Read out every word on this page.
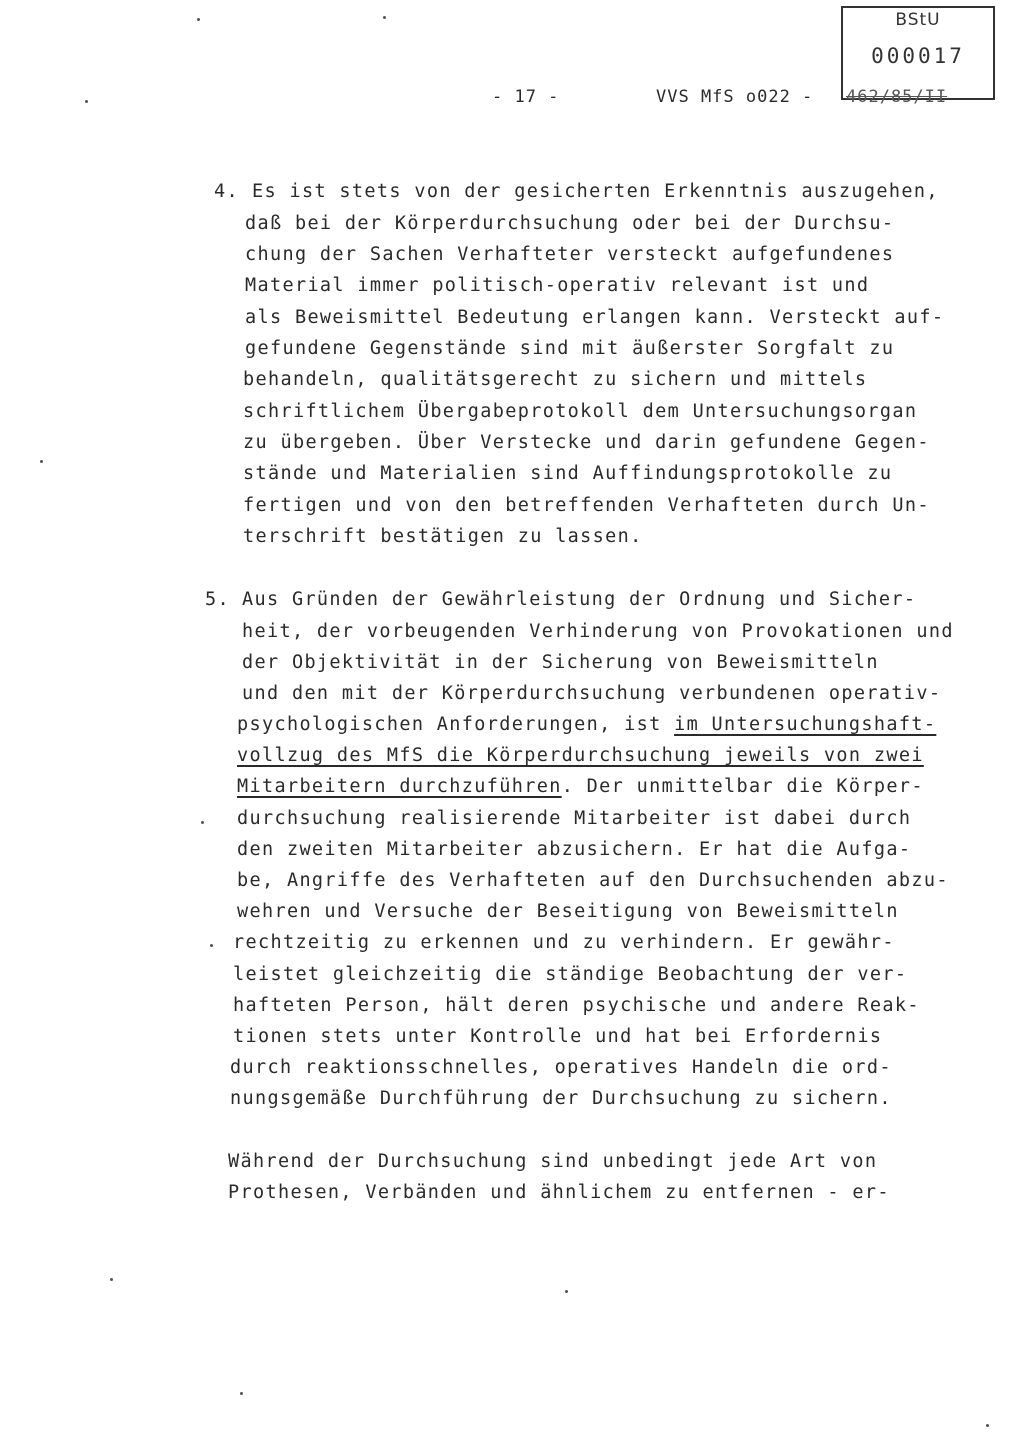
BStU
000017
- 17 -	VVS MfS o022 - 462/85/II
4. Es ist stets von der gesicherten Erkenntnis auszugehen,
daß bei der Körperdurchsuchung oder bei der Durchsu-
chung der Sachen Verhafteter versteckt aufgefundenes
Material immer politisch-operativ relevant ist und
als Beweismittel Bedeutung erlangen kann. Versteckt auf-
gefundene Gegenstände sind mit äußerster Sorgfalt zu
behandeln, qualitätsgerecht zu sichern und mittels
schriftlichem Übergabeprotokoll dem Untersuchungsorgan
zu übergeben. Über Verstecke und darin gefundene Gegen-
stände und Materialien sind Auffindungsprotokolle zu
fertigen und von den betreffenden Verhafteten durch Un-
terschrift bestätigen zu lassen.
5. Aus Gründen der Gewährleistung der Ordnung und Sicher-
heit, der vorbeugenden Verhinderung von Provokationen und
der Objektivität in der Sicherung von Beweismitteln
und den mit der Körperdurchsuchung verbundenen operativ-
psychologischen Anforderungen, ist im Untersuchungshaft-
vollzug des MfS die Körperdurchsuchung jeweils von zwei
Mitarbeitern durchzuführen. Der unmittelbar die Körper-
durchsuchung realisierende Mitarbeiter ist dabei durch
den zweiten Mitarbeiter abzusichern. Er hat die Aufga-
be, Angriffe des Verhafteten auf den Durchsuchenden abzu-
wehren und Versuche der Beseitigung von Beweismitteln
rechtzeitig zu erkennen und zu verhindern. Er gewähr-
leistet gleichzeitig die ständige Beobachtung der ver-
hafteten Person, hält deren psychische und andere Reak-
tionen stets unter Kontrolle und hat bei Erfordernis
durch reaktionsschnelles, operatives Handeln die ord-
nungsgemäße Durchführung der Durchsuchung zu sichern.
Während der Durchsuchung sind unbedingt jede Art von
Prothesen, Verbänden und ähnlichem zu entfernen - er-
